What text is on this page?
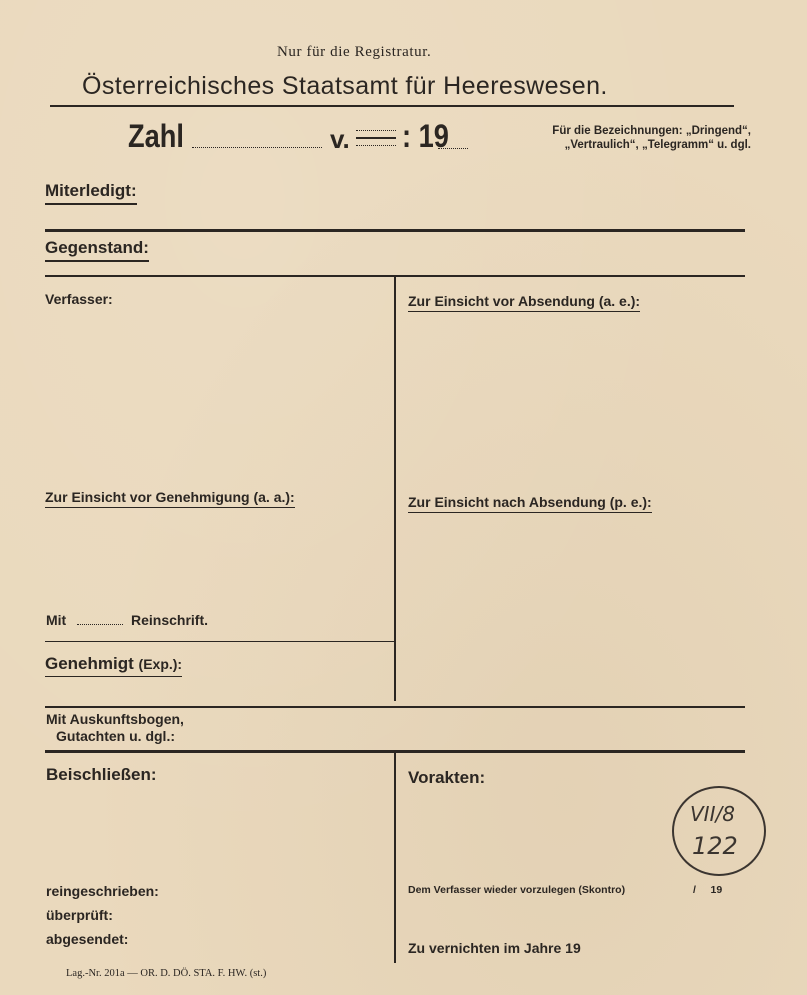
Nur für die Registratur.
Österreichisches Staatsamt für Heereswesen.
Zahl	v. : 19	Für die Bezeichnungen: „Dringend“, „Vertraulich“, „Telegramm“ u. dgl.
Miterledigt:
Gegenstand:
Verfasser:
Zur Einsicht vor Genehmigung (a. a.):
Mit	Reinschrift.
Genehmigt (Exp.):
Zur Einsicht vor Absendung (a. e.):
Zur Einsicht nach Absendung (p. e.):
Mit Auskunftsbogen,
Gutachten u. dgl.:
Beischließen:	Vorakten:
reingeschrieben:
überprüft:
abgesendet:
Dem Verfasser wieder vorzulegen (Skontro)	/     19
Zu vernichten im Jahre 19
VII/8
122
Lag.-Nr. 201a — OR. D. DÖ. STA. F. HW. (st.)
